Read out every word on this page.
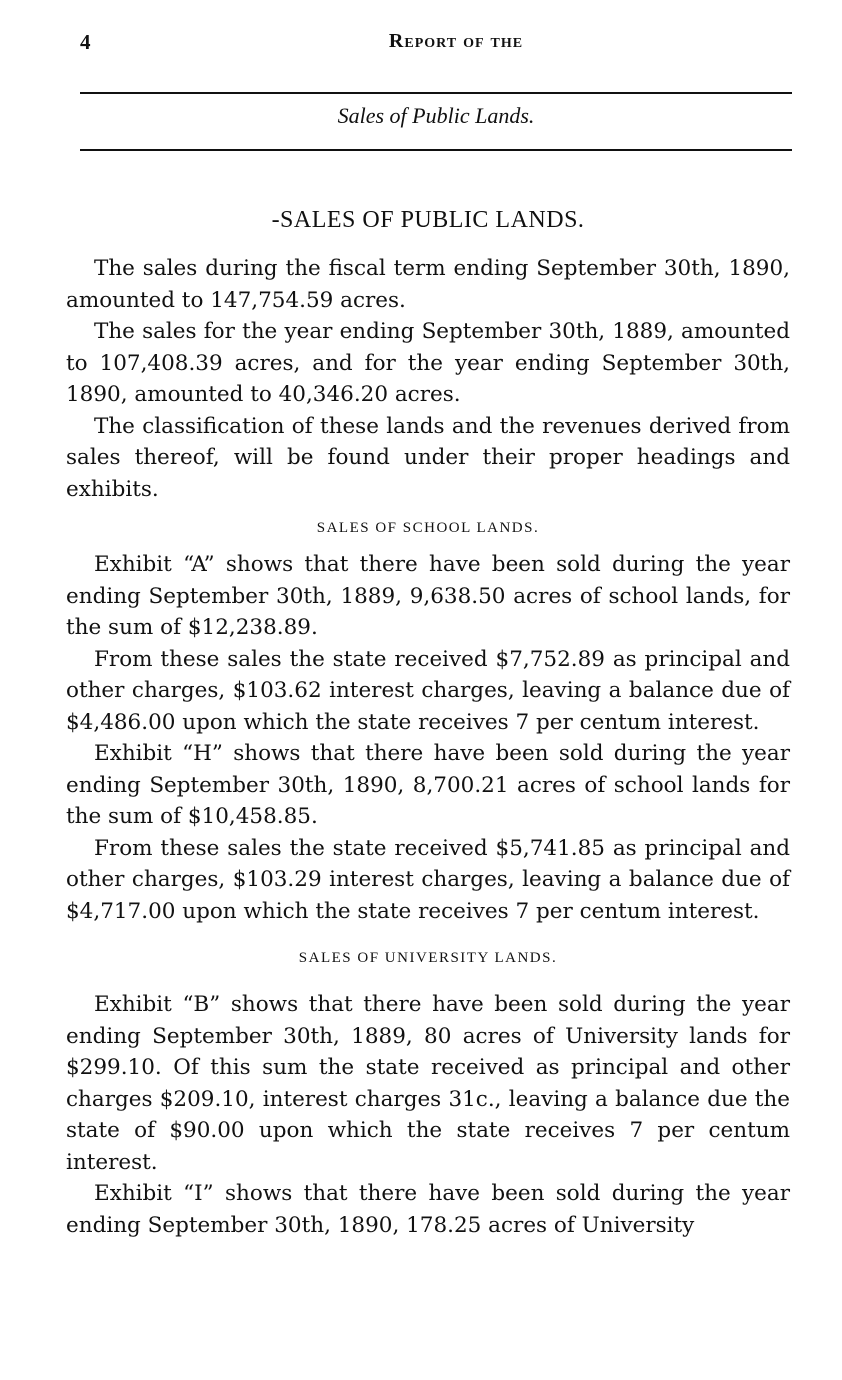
4	Report of the
Sales of Public Lands.
-SALES OF PUBLIC LANDS.

The sales during the fiscal term ending September 30th, 1890, amounted to 147,754.59 acres.

The sales for the year ending September 30th, 1889, amounted to 107,408.39 acres, and for the year ending September 30th, 1890, amounted to 40,346.20 acres.

The classification of these lands and the revenues derived from sales thereof, will be found under their proper headings and exhibits.

SALES OF SCHOOL LANDS.

Exhibit “A” shows that there have been sold during the year ending September 30th, 1889, 9,638.50 acres of school lands, for the sum of $12,238.89.

From these sales the state received $7,752.89 as principal and other charges, $103.62 interest charges, leaving a balance due of $4,486.00 upon which the state receives 7 per centum interest.

Exhibit “H” shows that there have been sold during the year ending September 30th, 1890, 8,700.21 acres of school lands for the sum of $10,458.85.

From these sales the state received $5,741.85 as principal and other charges, $103.29 interest charges, leaving a balance due of $4,717.00 upon which the state receives 7 per centum interest.

SALES OF UNIVERSITY LANDS.

Exhibit “B” shows that there have been sold during the year ending September 30th, 1889, 80 acres of University lands for $299.10. Of this sum the state received as principal and other charges $209.10, interest charges 31c., leaving a balance due the state of $90.00 upon which the state receives 7 per centum interest.

Exhibit “I” shows that there have been sold during the year ending September 30th, 1890, 178.25 acres of University
